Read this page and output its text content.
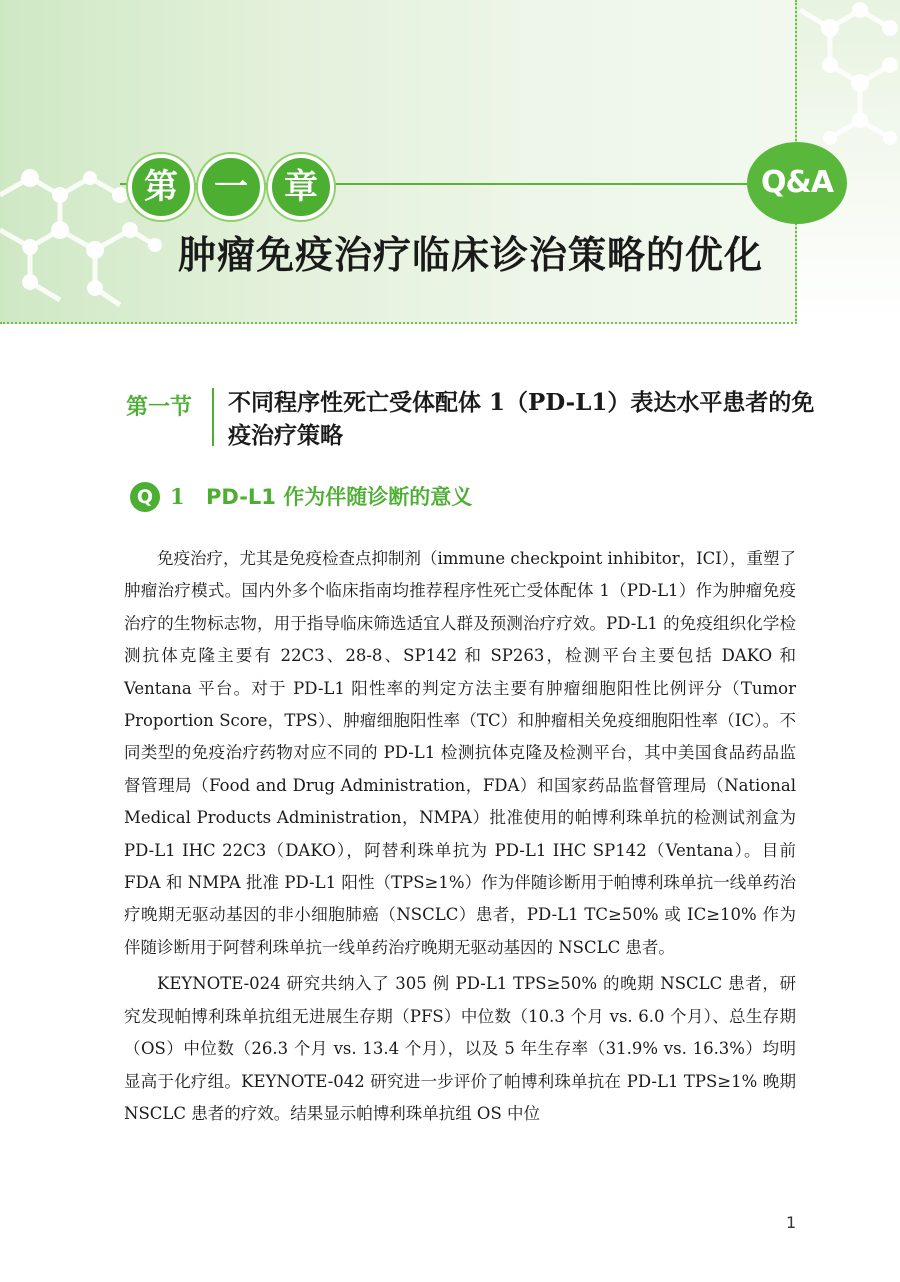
第	一	章	Q&A
肿瘤免疫治疗临床诊治策略的优化
第一节 不同程序性死亡受体配体 1（PD-L1）表达水平患者的免疫治疗策略
Q 1 PD-L1 作为伴随诊断的意义

免疫治疗，尤其是免疫检查点抑制剂（immune checkpoint inhibitor，ICI），重塑了肿瘤治疗模式。国内外多个临床指南均推荐程序性死亡受体配体 1（PD-L1）作为肿瘤免疫治疗的生物标志物，用于指导临床筛选适宜人群及预测治疗疗效。PD-L1 的免疫组织化学检测抗体克隆主要有 22C3、28-8、SP142 和 SP263，检测平台主要包括 DAKO 和 Ventana 平台。对于 PD-L1 阳性率的判定方法主要有肿瘤细胞阳性比例评分（Tumor Proportion Score，TPS）、肿瘤细胞阳性率（TC）和肿瘤相关免疫细胞阳性率（IC）。不同类型的免疫治疗药物对应不同的 PD-L1 检测抗体克隆及检测平台，其中美国食品药品监督管理局（Food and Drug Administration，FDA）和国家药品监督管理局（National Medical Products Administration，NMPA）批准使用的帕博利珠单抗的检测试剂盒为 PD-L1 IHC 22C3（DAKO），阿替利珠单抗为 PD-L1 IHC SP142（Ventana）。目前 FDA 和 NMPA 批准 PD-L1 阳性（TPS≥1%）作为伴随诊断用于帕博利珠单抗一线单药治疗晚期无驱动基因的非小细胞肺癌（NSCLC）患者，PD-L1 TC≥50% 或 IC≥10% 作为伴随诊断用于阿替利珠单抗一线单药治疗晚期无驱动基因的 NSCLC 患者。

KEYNOTE-024 研究共纳入了 305 例 PD-L1 TPS≥50% 的晚期 NSCLC 患者，研究发现帕博利珠单抗组无进展生存期（PFS）中位数（10.3 个月 vs. 6.0 个月）、总生存期（OS）中位数（26.3 个月 vs. 13.4 个月），以及 5 年生存率（31.9% vs. 16.3%）均明显高于化疗组。KEYNOTE-042 研究进一步评价了帕博利珠单抗在 PD-L1 TPS≥1% 晚期 NSCLC 患者的疗效。结果显示帕博利珠单抗组 OS 中位

1
